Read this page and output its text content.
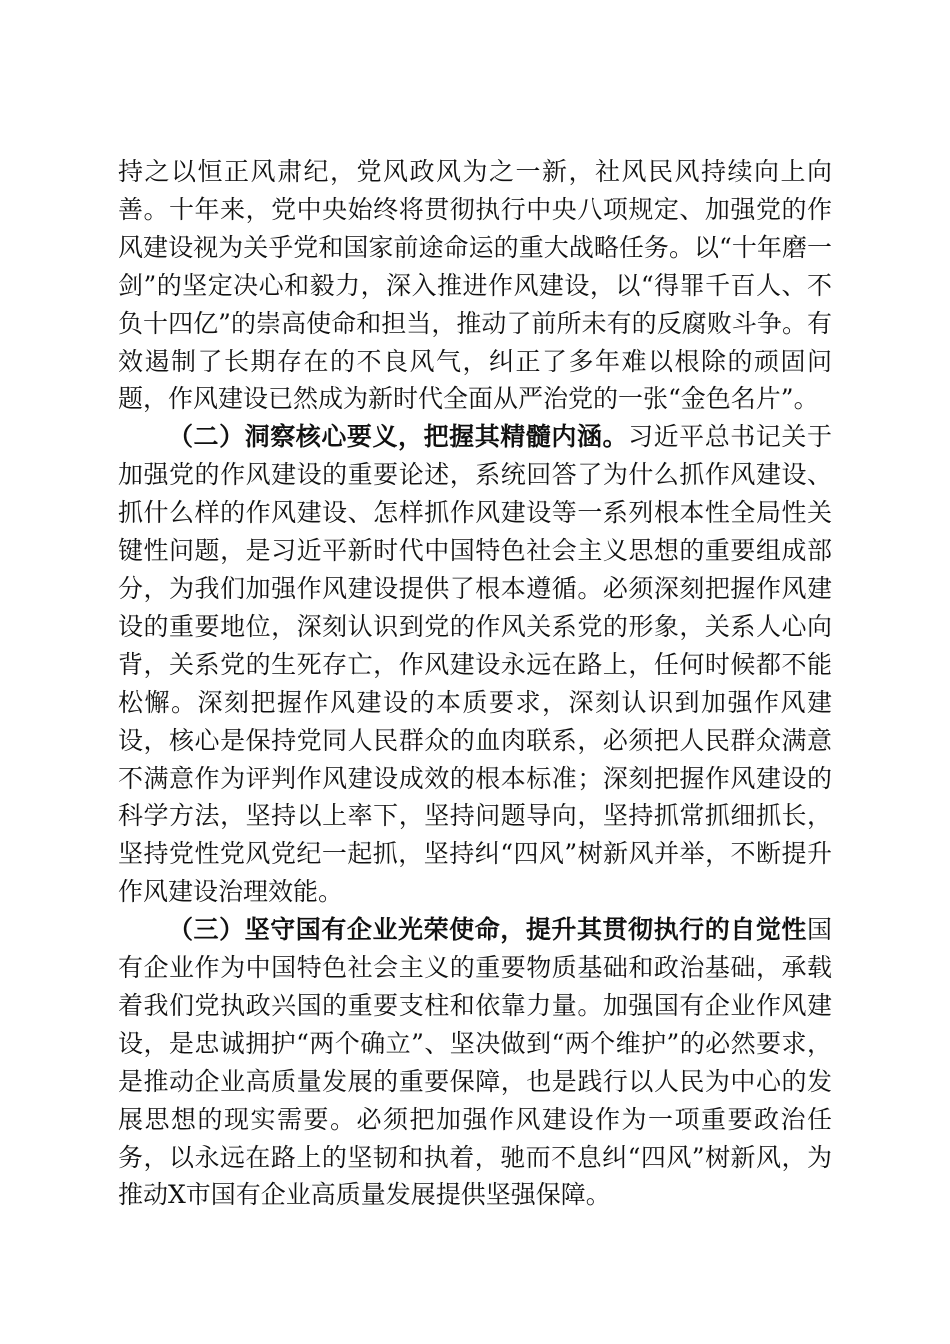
持之以恒正风肃纪，党风政风为之一新，社风民风持续向上向善。十年来，党中央始终将贯彻执行中央八项规定、加强党的作风建设视为关乎党和国家前途命运的重大战略任务。以“十年磨一剑”的坚定决心和毅力，深入推进作风建设，以“得罪千百人、不负十四亿”的崇高使命和担当，推动了前所未有的反腐败斗争。有效遏制了长期存在的不良风气，纠正了多年难以根除的顽固问题，作风建设已然成为新时代全面从严治党的一张“金色名片”。

（二）洞察核心要义，把握其精髓内涵。习近平总书记关于加强党的作风建设的重要论述，系统回答了为什么抓作风建设、抓什么样的作风建设、怎样抓作风建设等一系列根本性全局性关键性问题，是习近平新时代中国特色社会主义思想的重要组成部分，为我们加强作风建设提供了根本遵循。必须深刻把握作风建设的重要地位，深刻认识到党的作风关系党的形象，关系人心向背，关系党的生死存亡，作风建设永远在路上，任何时候都不能松懈。深刻把握作风建设的本质要求，深刻认识到加强作风建设，核心是保持党同人民群众的血肉联系，必须把人民群众满意不满意作为评判作风建设成效的根本标准；深刻把握作风建设的科学方法，坚持以上率下，坚持问题导向，坚持抓常抓细抓长，坚持党性党风党纪一起抓，坚持纠“四风”树新风并举，不断提升作风建设治理效能。

（三）坚守国有企业光荣使命，提升其贯彻执行的自觉性国有企业作为中国特色社会主义的重要物质基础和政治基础，承载着我们党执政兴国的重要支柱和依靠力量。加强国有企业作风建设，是忠诚拥护“两个确立”、坚决做到“两个维护”的必然要求，是推动企业高质量发展的重要保障，也是践行以人民为中心的发展思想的现实需要。必须把加强作风建设作为一项重要政治任务，以永远在路上的坚韧和执着，驰而不息纠“四风”树新风，为推动X市国有企业高质量发展提供坚强保障。
